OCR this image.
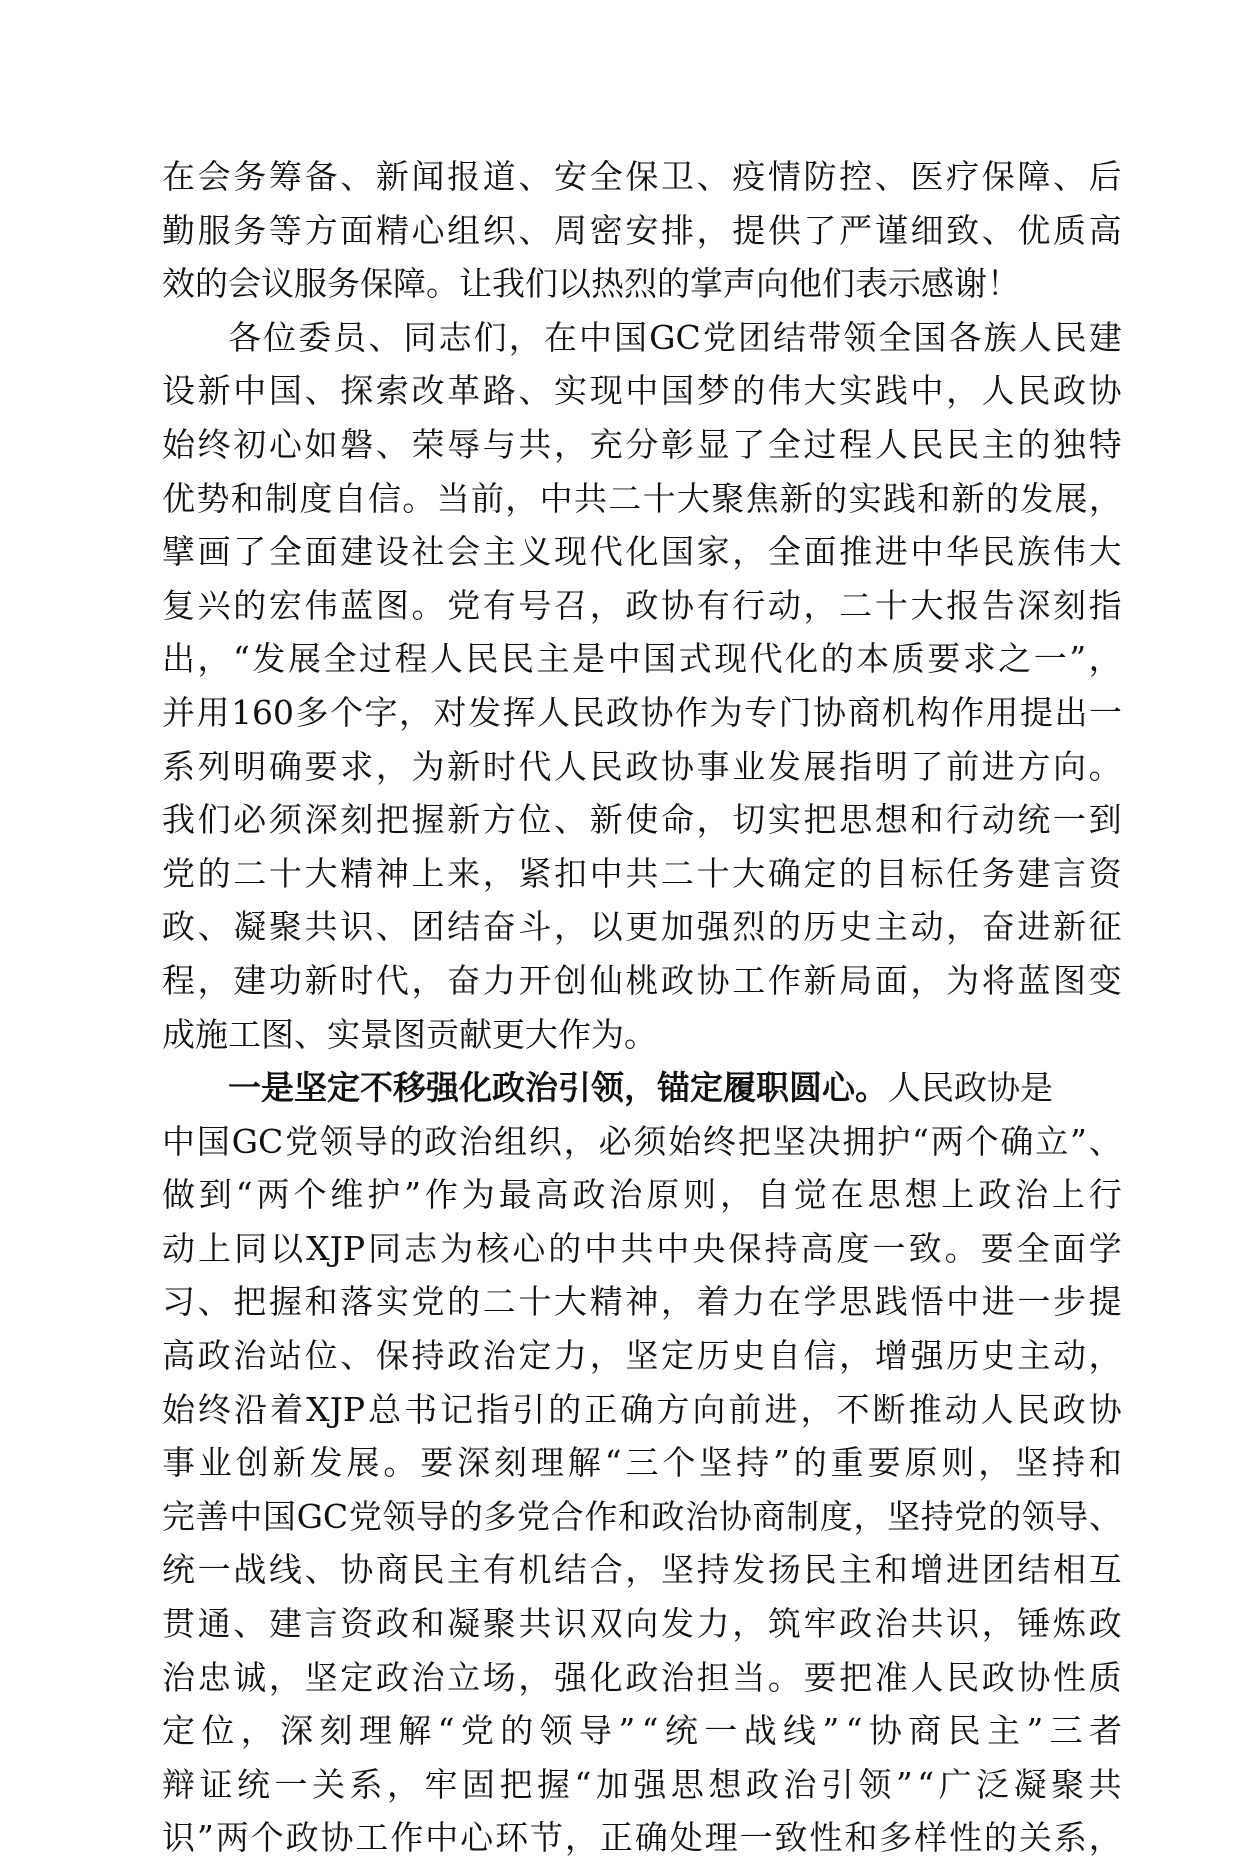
在 会 务 筹 备 、 新 闻 报 道 、 安 全 保 卫 、 疫 情 防 控 、 医 疗 保 障 、 后
勤 服 务 等 方 面 精 心 组 织 、 周 密 安 排 ， 提 供 了 严 谨 细 致 、 优 质 高
效的会议服务保障。让我们以热烈的掌声向他们表示感谢！
各 位 委 员 、 同 志 们 ， 在 中 国 GC 党 团 结 带 领 全 国 各 族 人 民 建
设 新 中 国 、 探 索 改 革 路 、 实 现 中 国 梦 的 伟 大 实 践 中 ， 人 民 政 协
始 终 初 心 如 磐 、 荣 辱 与 共 ， 充 分 彰 显 了 全 过 程 人 民 民 主 的 独 特
优 势 和 制 度 自 信 。 当 前 ， 中 共 二 十 大 聚 焦 新 的 实 践 和 新 的 发 展 ，
擘 画 了 全 面 建 设 社 会 主 义 现 代 化 国 家 ， 全 面 推 进 中 华 民 族 伟 大
复 兴 的 宏 伟 蓝 图 。 党 有 号 召 ， 政 协 有 行 动 ， 二 十 大 报 告 深 刻 指
出 ， “ 发 展 全 过 程 人 民 民 主 是 中 国 式 现 代 化 的 本 质 要 求 之 一 ” ，
并 用 160 多 个 字 ， 对 发 挥 人 民 政 协 作 为 专 门 协 商 机 构 作 用 提 出 一
系 列 明 确 要 求 ， 为 新 时 代 人 民 政 协 事 业 发 展 指 明 了 前 进 方 向 。
我 们 必 须 深 刻 把 握 新 方 位 、 新 使 命 ， 切 实 把 思 想 和 行 动 统 一 到
党 的 二 十 大 精 神 上 来 ， 紧 扣 中 共 二 十 大 确 定 的 目 标 任 务 建 言 资
政 、 凝 聚 共 识 、 团 结 奋 斗 ， 以 更 加 强 烈 的 历 史 主 动 ， 奋 进 新 征
程 ， 建 功 新 时 代 ， 奋 力 开 创 仙 桃 政 协 工 作 新 局 面 ， 为 将 蓝 图 变
成施工图、实景图贡献更大作为。
一是坚定不移强化政治引领，锚定履职圆心。 人民政协是
中 国 GC 党 领 导 的 政 治 组 织 ， 必 须 始 终 把 坚 决 拥 护 “ 两 个 确 立 ” 、
做 到 “ 两 个 维 护 ” 作 为 最 高 政 治 原 则 ， 自 觉 在 思 想 上 政 治 上 行
动 上 同 以 XJP 同 志 为 核 心 的 中 共 中 央 保 持 高 度 一 致 。 要 全 面 学
习 、 把 握 和 落 实 党 的 二 十 大 精 神 ， 着 力 在 学 思 践 悟 中 进 一 步 提
高 政 治 站 位 、 保 持 政 治 定 力 ， 坚 定 历 史 自 信 ， 增 强 历 史 主 动 ，
始 终 沿 着 XJP 总 书 记 指 引 的 正 确 方 向 前 进 ， 不 断 推 动 人 民 政 协
事 业 创 新 发 展 。 要 深 刻 理 解 “ 三 个 坚 持 ” 的 重 要 原 则 ， 坚 持 和
完 善 中 国 GC 党 领 导 的 多 党 合 作 和 政 治 协 商 制 度 ， 坚 持 党 的 领 导 、
统 一 战 线 、 协 商 民 主 有 机 结 合 ， 坚 持 发 扬 民 主 和 增 进 团 结 相 互
贯 通 、 建 言 资 政 和 凝 聚 共 识 双 向 发 力 ， 筑 牢 政 治 共 识 ， 锤 炼 政
治 忠 诚 ， 坚 定 政 治 立 场 ， 强 化 政 治 担 当 。 要 把 准 人 民 政 协 性 质
定 位 ， 深 刻 理 解 “ 党 的 领 导 ” “ 统 一 战 线 ” “ 协 商 民 主 ” 三 者
辩 证 统 一 关 系 ， 牢 固 把 握 “ 加 强 思 想 政 治 引 领 ” “ 广 泛 凝 聚 共
识 ” 两 个 政 协 工 作 中 心 环 节 ， 正 确 处 理 一 致 性 和 多 样 性 的 关 系 ，
